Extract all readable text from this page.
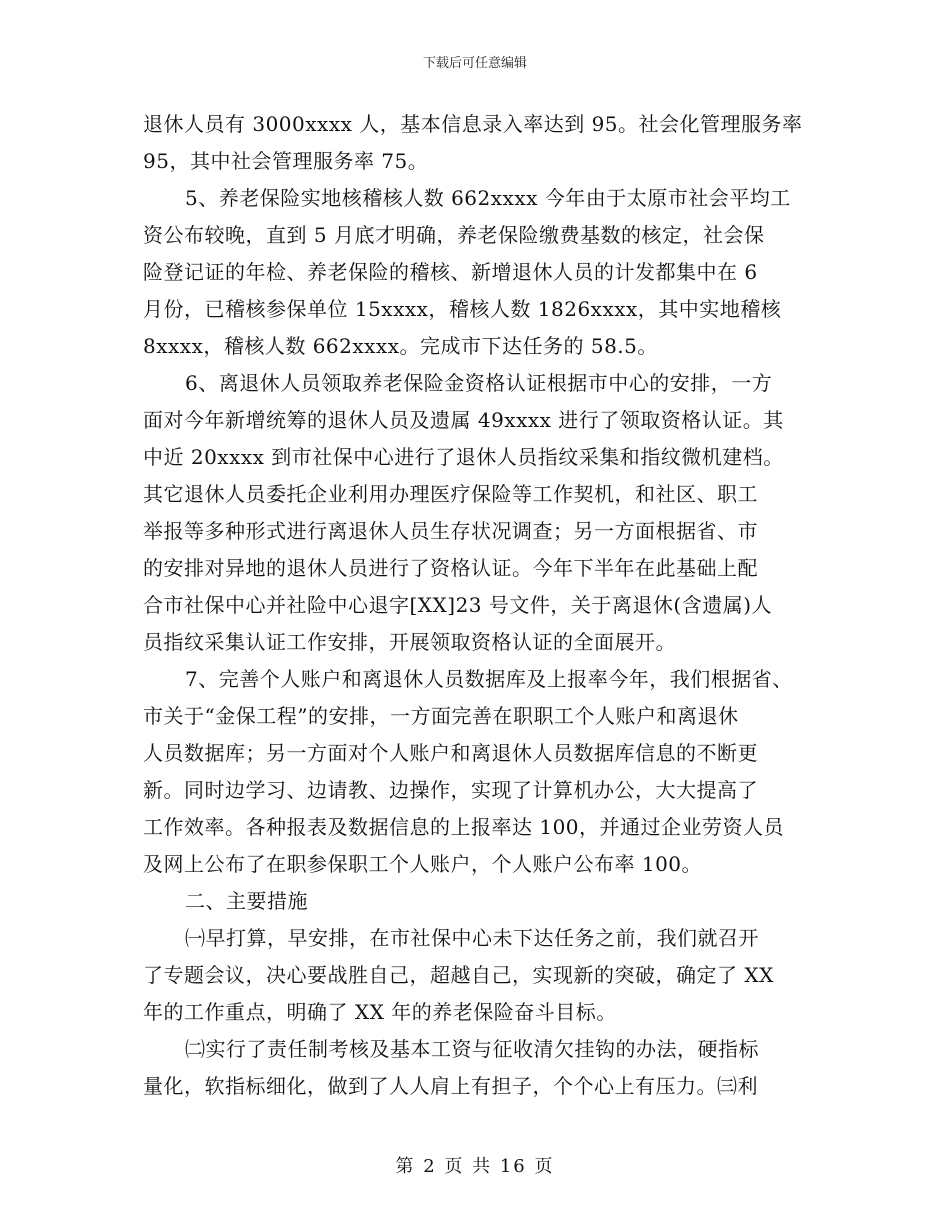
下载后可任意编辑
退休人员有 3000xxxx 人，基本信息录入率达到 95。社会化管理服务率
95，其中社会管理服务率 75。
5、养老保险实地核稽核人数 662xxxx 今年由于太原市社会平均工
资公布较晚，直到 5 月底才明确，养老保险缴费基数的核定，社会保
险登记证的年检、养老保险的稽核、新增退休人员的计发都集中在 6
月份，已稽核参保单位 15xxxx，稽核人数 1826xxxx，其中实地稽核
8xxxx，稽核人数 662xxxx。完成市下达任务的 58.5。
6、离退休人员领取养老保险金资格认证根据市中心的安排，一方
面对今年新增统筹的退休人员及遗属 49xxxx 进行了领取资格认证。其
中近 20xxxx 到市社保中心进行了退休人员指纹采集和指纹微机建档。
其它退休人员委托企业利用办理医疗保险等工作契机，和社区、职工
举报等多种形式进行离退休人员生存状况调查；另一方面根据省、市
的安排对异地的退休人员进行了资格认证。今年下半年在此基础上配
合市社保中心并社险中心退字[XX]23 号文件，关于离退休(含遗属)人
员指纹采集认证工作安排，开展领取资格认证的全面展开。
7、完善个人账户和离退休人员数据库及上报率今年，我们根据省、
市关于“金保工程”的安排，一方面完善在职职工个人账户和离退休
人员数据库；另一方面对个人账户和离退休人员数据库信息的不断更
新。同时边学习、边请教、边操作，实现了计算机办公，大大提高了
工作效率。各种报表及数据信息的上报率达 100，并通过企业劳资人员
及网上公布了在职参保职工个人账户，个人账户公布率 100。
二、主要措施
㈠早打算，早安排，在市社保中心未下达任务之前，我们就召开
了专题会议，决心要战胜自己，超越自己，实现新的突破，确定了 XX
年的工作重点，明确了 XX 年的养老保险奋斗目标。
㈡实行了责任制考核及基本工资与征收清欠挂钩的办法，硬指标
量化，软指标细化，做到了人人肩上有担子，个个心上有压力。㈢利
第 2 页 共 16 页
